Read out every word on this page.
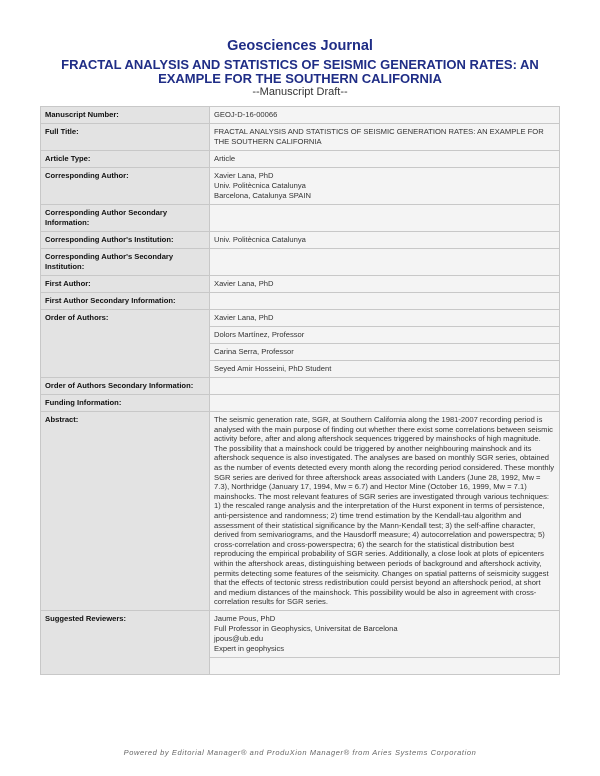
Geosciences Journal
FRACTAL ANALYSIS AND STATISTICS OF SEISMIC GENERATION RATES: AN EXAMPLE FOR THE SOUTHERN CALIFORNIA
--Manuscript Draft--
Manuscript Number:	GEOJ-D-16-00066
Full Title:	FRACTAL ANALYSIS AND STATISTICS OF SEISMIC GENERATION RATES: AN EXAMPLE FOR THE SOUTHERN CALIFORNIA
Article Type:	Article
Corresponding Author:	Xavier Lana, PhD
Univ. Politècnica Catalunya
Barcelona, Catalunya SPAIN

Corresponding Author Secondary Information:	
Corresponding Author's Institution:	Univ. Politècnica Catalunya
Corresponding Author's Secondary Institution:	
First Author:	Xavier Lana, PhD
First Author Secondary Information:	
Order of Authors:	Xavier Lana, PhD
	Dolors Martínez, Professor
	Carina Serra, Professor
	Seyed Amir Hosseini, PhD Student
Order of Authors Secondary Information:	
Funding Information:	
Abstract:	The seismic generation rate, SGR, at Southern California along the 1981-2007 recording period is analysed with the main purpose of finding out whether there exist some correlations between seismic activity before, after and along aftershock sequences triggered by mainshocks of high magnitude. The possibility that a mainshock could be triggered by another neighbouring mainshock and its aftershock sequence is also investigated. The analyses are based on monthly SGR series, obtained as the number of events detected every month along the recording period considered. These monthly SGR series are derived for three aftershock areas associated with Landers (June 28, 1992, Mw = 7.3), Northridge (January 17, 1994, Mw = 6.7) and Hector Mine (October 16, 1999, Mw = 7.1) mainshocks. The most relevant features of SGR series are investigated through various techniques: 1) the rescaled range analysis and the interpretation of the Hurst exponent in terms of persistence, anti-persistence and randomness; 2) time trend estimation by the Kendall-tau algorithm and assessment of their statistical significance by the Mann-Kendall test; 3) the self-affine character, derived from semivariograms, and the Hausdorff measure; 4) autocorrelation and powerspectra; 5) cross-correlation and cross-powerspectra; 6) the search for the statistical distribution best reproducing the empirical probability of SGR series. Additionally, a close look at plots of epicenters within the aftershock areas, distinguishing between periods of background and aftershock activity, permits detecting some features of the seismicity. Changes on spatial patterns of seismicity suggest that the effects of tectonic stress redistribution could persist beyond an aftershock period, at short and medium distances of the mainshock. This possibility would be also in agreement with cross-correlation results for SGR series.
Suggested Reviewers:	Jaume Pous, PhD
Full Professor in Geophysics, Universitat de Barcelona
jpous@ub.edu
Expert in geophysics

Powered by Editorial Manager® and ProduXion Manager® from Aries Systems Corporation
